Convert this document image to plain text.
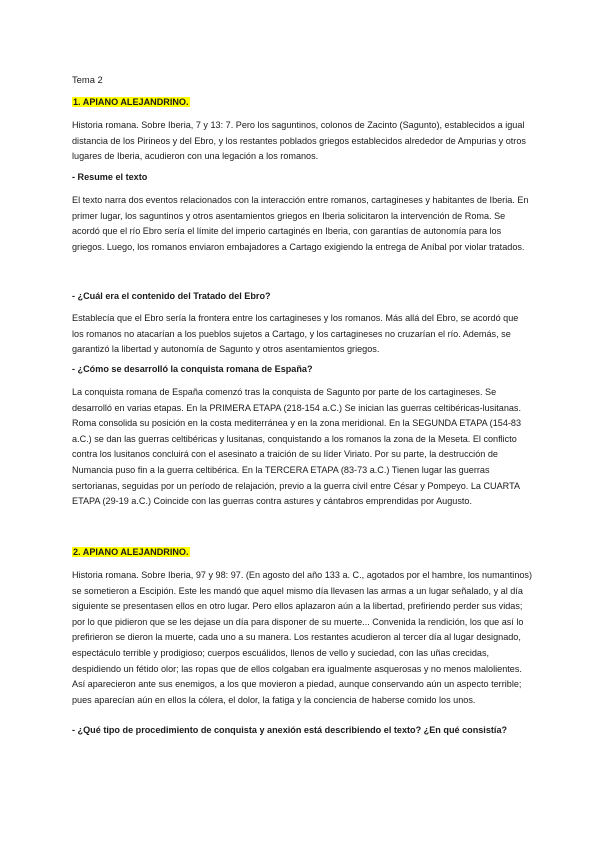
Tema 2

1. APIANO ALEJANDRINO.

Historia romana. Sobre Iberia, 7 y 13: 7. Pero los saguntinos, colonos de Zacinto (Sagunto), establecidos a igual distancia de los Pirineos y del Ebro, y los restantes poblados griegos establecidos alrededor de Ampurias y otros lugares de Iberia, acudieron con una legación a los romanos.

- Resume el texto

El texto narra dos eventos relacionados con la interacción entre romanos, cartagineses y habitantes de Iberia. En primer lugar, los saguntinos y otros asentamientos griegos en Iberia solicitaron la intervención de Roma. Se acordó que el río Ebro sería el límite del imperio cartaginés en Iberia, con garantías de autonomía para los griegos. Luego, los romanos enviaron embajadores a Cartago exigiendo la entrega de Aníbal por violar tratados.

- ¿Cuál era el contenido del Tratado del Ebro?

Establecía que el Ebro sería la frontera entre los cartagineses y los romanos. Más allá del Ebro, se acordó que los romanos no atacarían a los pueblos sujetos a Cartago, y los cartagineses no cruzarían el río. Además, se garantizó la libertad y autonomía de Sagunto y otros asentamientos griegos.

- ¿Cómo se desarrolló la conquista romana de España?

La conquista romana de España comenzó tras la conquista de Sagunto por parte de los cartagineses. Se desarrolló en varias etapas. En la PRIMERA ETAPA (218-154 a.C.) Se inician las guerras celtibéricas-lusitanas. Roma consolida su posición en la costa mediterránea y en la zona meridional. En la SEGUNDA ETAPA (154-83 a.C.) se dan las guerras celtibéricas y lusitanas, conquistando a los romanos la zona de la Meseta. El conflicto contra los lusitanos concluirá con el asesinato a traición de su líder Viriato. Por su parte, la destrucción de Numancia puso fin a la guerra celtibérica. En la TERCERA ETAPA (83-73 a.C.) Tienen lugar las guerras sertorianas, seguidas por un período de relajación, previo a la guerra civil entre César y Pompeyo. La CUARTA ETAPA (29-19 a.C.) Coincide con las guerras contra astures y cántabros emprendidas por Augusto.

2. APIANO ALEJANDRINO.

Historia romana. Sobre Iberia, 97 y 98: 97. (En agosto del año 133 a. C., agotados por el hambre, los numantinos) se sometieron a Escipión. Este les mandó que aquel mismo día llevasen las armas a un lugar señalado, y al día siguiente se presentasen ellos en otro lugar. Pero ellos aplazaron aún a la libertad, prefiriendo perder sus vidas; por lo que pidieron que se les dejase un día para disponer de su muerte... Convenida la rendición, los que así lo prefirieron se dieron la muerte, cada uno a su manera. Los restantes acudieron al tercer día al lugar designado, espectáculo terrible y prodigioso; cuerpos escuálidos, llenos de vello y suciedad, con las uñas crecidas, despidiendo un fétido olor; las ropas que de ellos colgaban era igualmente asquerosas y no menos malolientes. Así aparecieron ante sus enemigos, a los que movieron a piedad, aunque conservando aún un aspecto terrible; pues aparecían aún en ellos la cólera, el dolor, la fatiga y la conciencia de haberse comido los unos.

- ¿Qué tipo de procedimiento de conquista y anexión está describiendo el texto? ¿En qué consistía?
